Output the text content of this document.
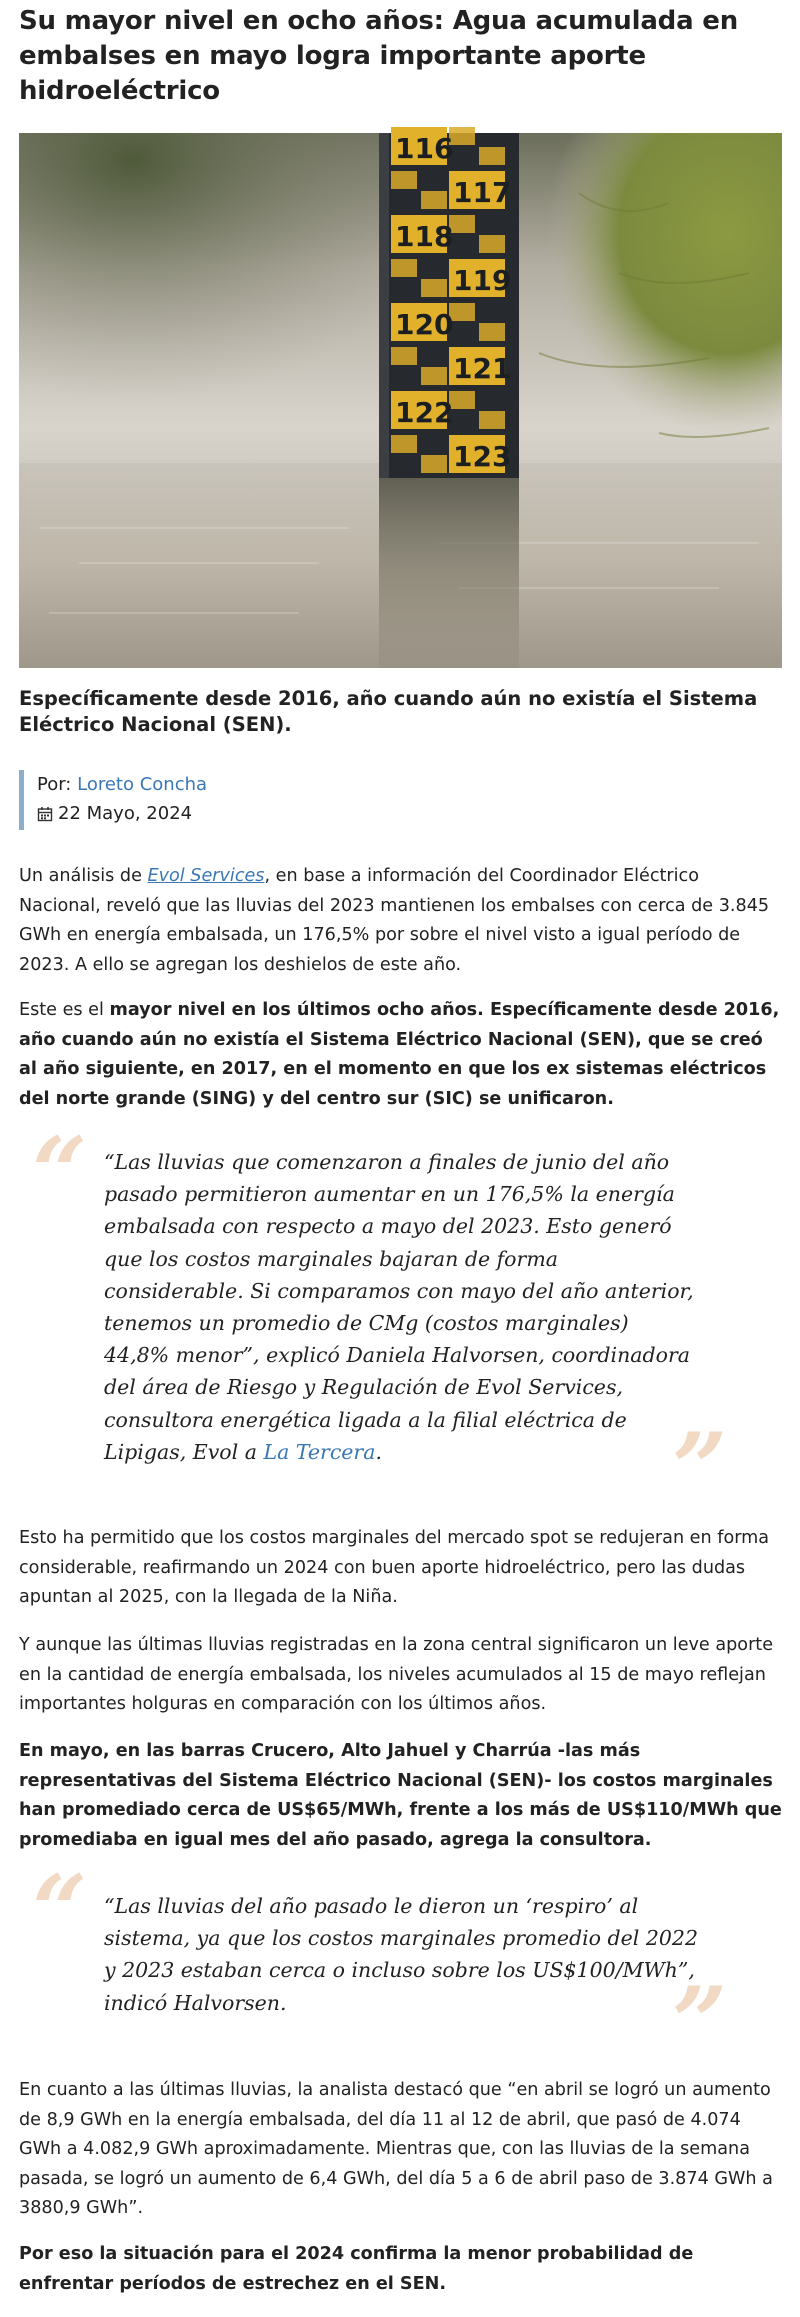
Su mayor nivel en ocho años: Agua acumulada en embalses en mayo logra importante aporte hidroeléctrico
116
117
118
119
120
121
122
123
Específicamente desde 2016, año cuando aún no existía el Sistema Eléctrico Nacional (SEN).
Por: Loreto Concha
22 Mayo, 2024

Un análisis de Evol Services, en base a información del Coordinador Eléctrico Nacional, reveló que las lluvias del 2023 mantienen los embalses con cerca de 3.845 GWh en energía embalsada, un 176,5% por sobre el nivel visto a igual período de 2023. A ello se agregan los deshielos de este año.

Este es el mayor nivel en los últimos ocho años. Específicamente desde 2016, año cuando aún no existía el Sistema Eléctrico Nacional (SEN), que se creó al año siguiente, en 2017, en el momento en que los ex sistemas eléctricos del norte grande (SING) y del centro sur (SIC) se unificaron.

“ “Las lluvias que comenzaron a finales de junio del año pasado permitieron aumentar en un 176,5% la energía embalsada con respecto a mayo del 2023. Esto generó que los costos marginales bajaran de forma considerable. Si comparamos con mayo del año anterior, tenemos un promedio de CMg (costos marginales) 44,8% menor”, explicó Daniela Halvorsen, coordinadora del área de Riesgo y Regulación de Evol Services, consultora energética ligada a la filial eléctrica de Lipigas, Evol a La Tercera.	”

Esto ha permitido que los costos marginales del mercado spot se redujeran en forma considerable, reafirmando un 2024 con buen aporte hidroeléctrico, pero las dudas apuntan al 2025, con la llegada de la Niña.

Y aunque las últimas lluvias registradas en la zona central significaron un leve aporte en la cantidad de energía embalsada, los niveles acumulados al 15 de mayo reflejan importantes holguras en comparación con los últimos años.

En mayo, en las barras Crucero, Alto Jahuel y Charrúa -las más representativas del Sistema Eléctrico Nacional (SEN)- los costos marginales han promediado cerca de US$65/MWh, frente a los más de US$110/MWh que promediaba en igual mes del año pasado, agrega la consultora.

“ “Las lluvias del año pasado le dieron un ‘respiro’ al sistema, ya que los costos marginales promedio del 2022 y 2023 estaban cerca o incluso sobre los US$100/MWh”, indicó Halvorsen.	”

En cuanto a las últimas lluvias, la analista destacó que “en abril se logró un aumento de 8,9 GWh en la energía embalsada, del día 11 al 12 de abril, que pasó de 4.074 GWh a 4.082,9 GWh aproximadamente. Mientras que, con las lluvias de la semana pasada, se logró un aumento de 6,4 GWh, del día 5 a 6 de abril paso de 3.874 GWh a 3880,9 GWh”.

Por eso la situación para el 2024 confirma la menor probabilidad de enfrentar períodos de estrechez en el SEN.
